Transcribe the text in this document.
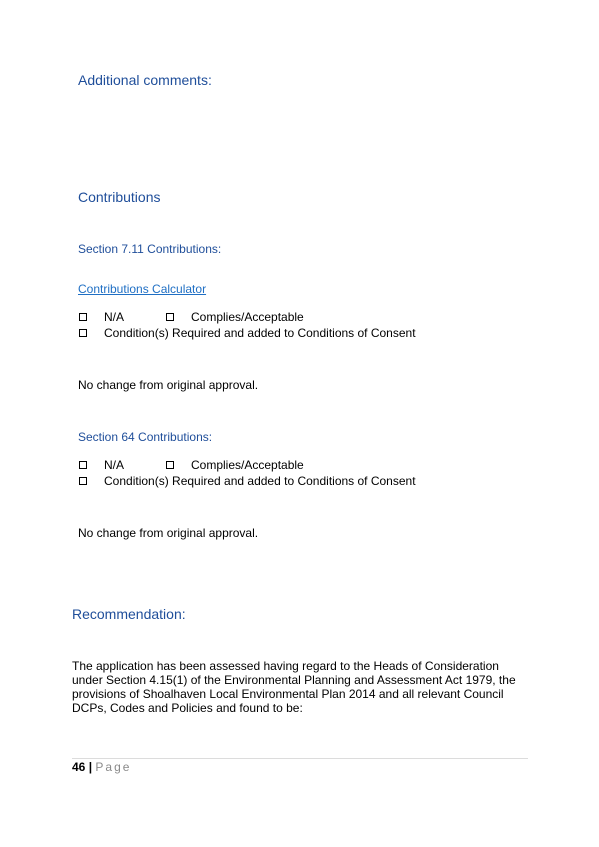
Additional comments:
Contributions
Section 7.11 Contributions:
Contributions Calculator
N/A	Complies/Acceptable
Condition(s) Required and added to Conditions of Consent
No change from original approval.
Section 64 Contributions:
N/A	Complies/Acceptable
Condition(s) Required and added to Conditions of Consent
No change from original approval.
Recommendation:
The application has been assessed having regard to the Heads of Consideration under Section 4.15(1) of the Environmental Planning and Assessment Act 1979, the provisions of Shoalhaven Local Environmental Plan 2014 and all relevant Council DCPs, Codes and Policies and found to be:
46 | Page
